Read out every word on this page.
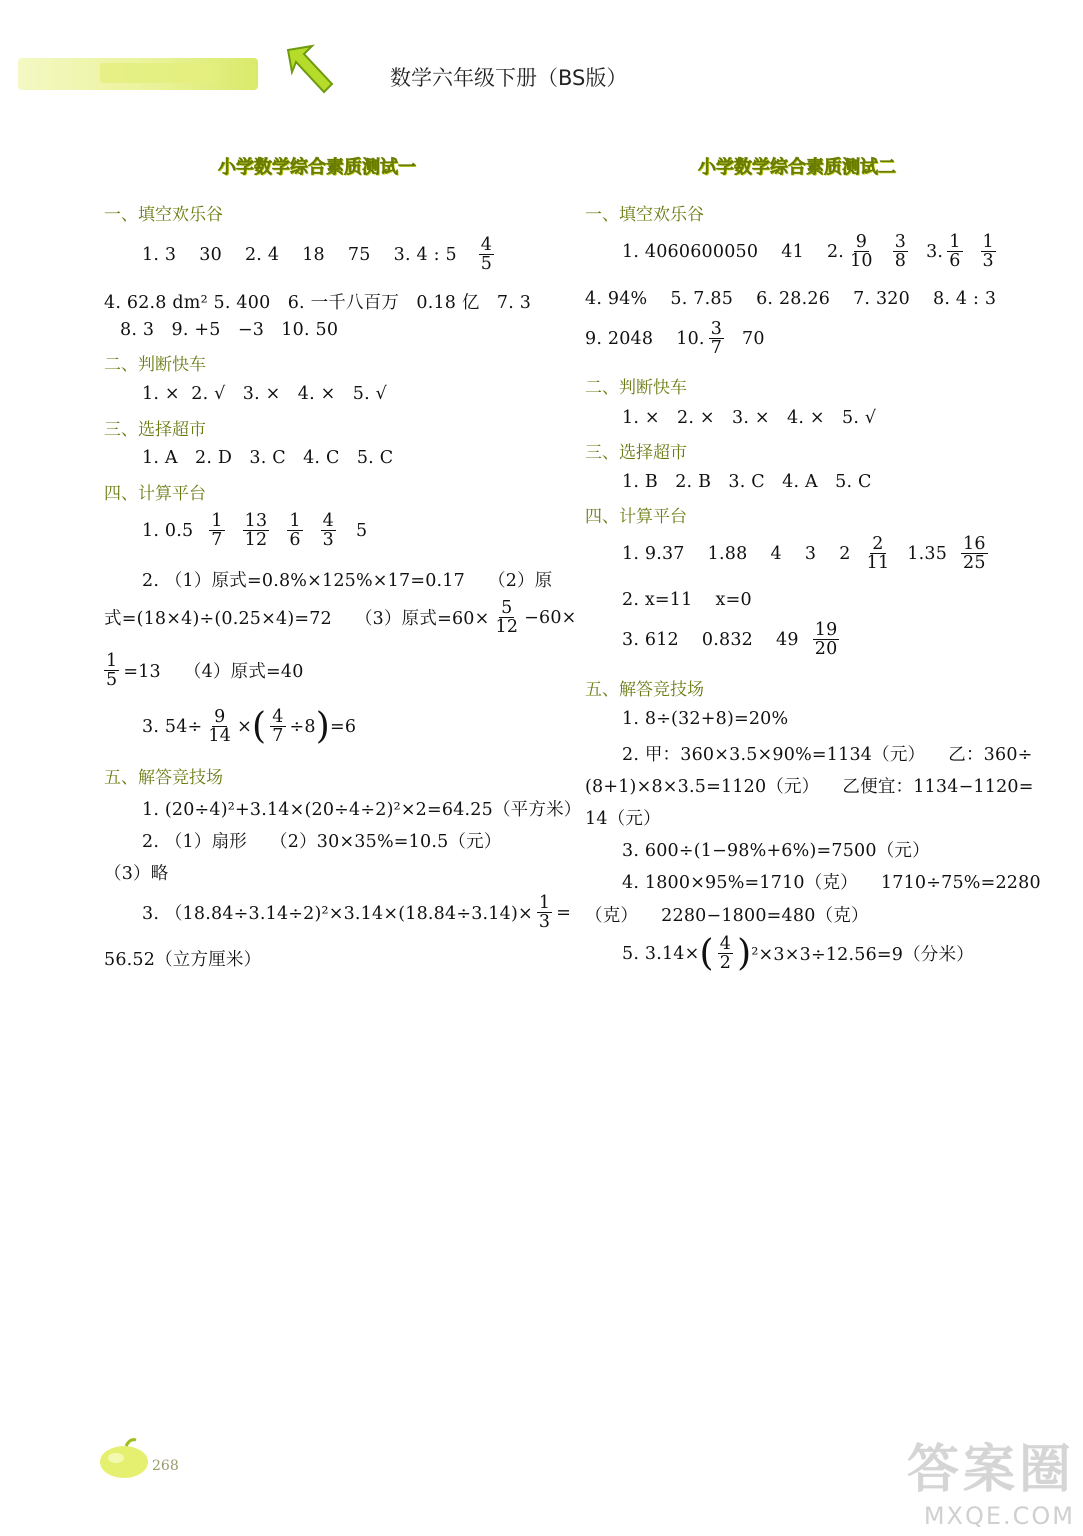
数学六年级下册（BS版）
小学数学综合素质测试一
一、填空欢乐谷
1. 3    30    2. 4    18    75    3. 4 : $5 \frac{4}{5}$
4. 62.8 dm² 5. 400   6. 一千八百万   0.18 亿   7. 3
8. 3   9. +5   −3   10. 50
二、判断快车
1. ×  2. √   3. ×   4. ×   5. √
三、选择超市
1. A   2. D   3. C   4. C   5. C
四、计算平台
1. $0.5 \frac{1}{7} \frac{13}{12} \frac{1}{6} \frac{4}{3} 5$
2. （1）原式=0.8%×125%×17=0.17    （2）原
式=(18×4)÷(0.25×4)=72    （3）原式$=60\times \frac{5}{12} -60\times$
$\frac{1}{5} =13$    （4）原式=40
3. $54\div \frac{9}{14}$ × ( $\frac{4}{7} \div 8$ ) =6
五、解答竞技场
1. (20÷4)²+3.14×(20÷4÷2)²×2=64.25（平方米）
2. （1）扇形    （2）30×35%=10.5（元）
（3）略
3. $(18.84\div 3.14\div 2)^2\times 3.14\times(18.84\div 3.14)\times \frac{1}{3}$ =
56.52（立方厘米）
小学数学综合素质测试二
一、填空欢乐谷
1. 4060600050    41    2. $\frac{9}{10} \frac{3}{8} 3$. $\frac{1}{6} \frac{1}{3}$
4. 94%    5. 7.85    6. 28.26    7. 320    8. 4 : 3
9. 2048    10. $\frac{3}{7} 70$
二、判断快车
1. ×   2. ×   3. ×   4. ×   5. √
三、选择超市
1. B   2. B   3. C   4. A   5. C
四、计算平台
1. 9.37    1.88    4    3    $2 \frac{2}{11} 1.35 \frac{16}{25}$
2. x=11    x=0
3. 612    0.832    $49 \frac{19}{20}$
五、解答竞技场
1. 8÷(32+8)=20%
2. 甲：360×3.5×90%=1134（元）    乙：360÷
(8+1)×8×3.5=1120（元）    乙便宜：1134−1120=
14（元）
3. 600÷(1−98%+6%)=7500（元）
4. 1800×95%=1710（克）    1710÷75%=2280
（克）    2280−1800=480（克）
5. 3.14× ( $\frac{4}{2}$ ) ²×3×3÷12.56=9（分米）
268	答案圈
MXQE.COM
